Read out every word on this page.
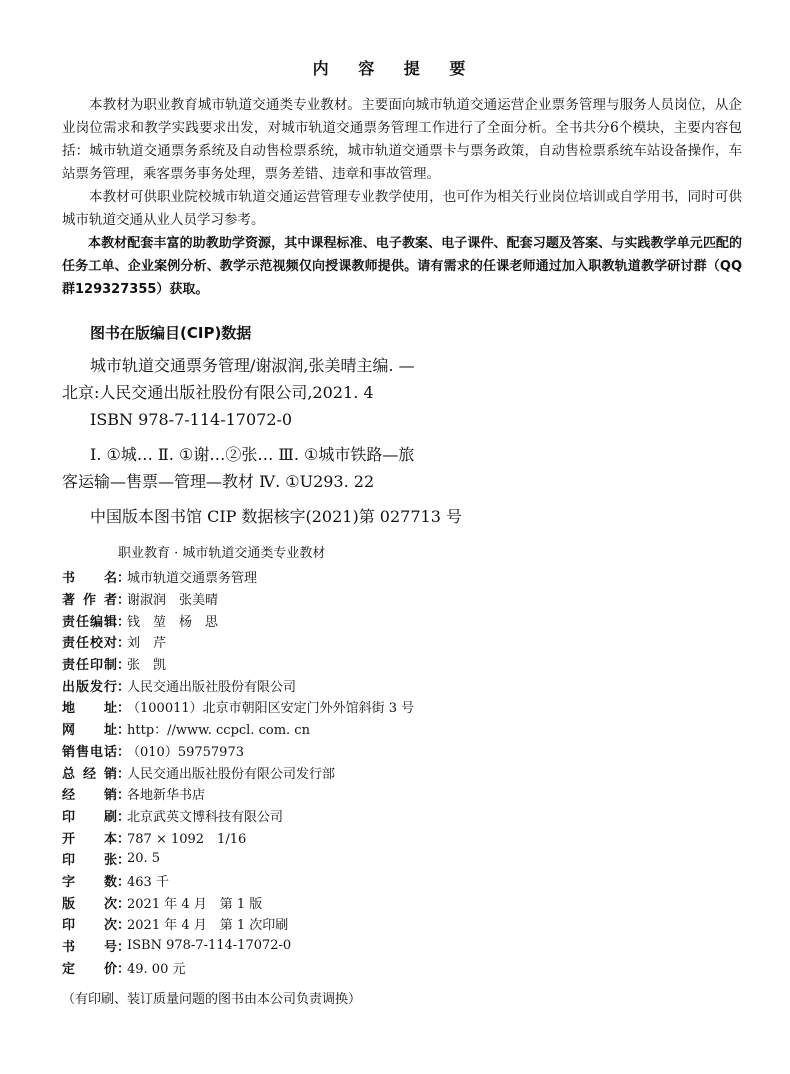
内 容 提 要

本教材为职业教育城市轨道交通类专业教材。主要面向城市轨道交通运营企业票务管理与服务人员岗位，从企业岗位需求和教学实践要求出发，对城市轨道交通票务管理工作进行了全面分析。全书共分6个模块，主要内容包括：城市轨道交通票务系统及自动售检票系统，城市轨道交通票卡与票务政策，自动售检票系统车站设备操作，车站票务管理，乘客票务事务处理，票务差错、违章和事故管理。

本教材可供职业院校城市轨道交通运营管理专业教学使用，也可作为相关行业岗位培训或自学用书，同时可供城市轨道交通从业人员学习参考。

本教材配套丰富的助教助学资源，其中课程标准、电子教案、电子课件、配套习题及答案、与实践教学单元匹配的任务工单、企业案例分析、教学示范视频仅向授课教师提供。请有需求的任课老师通过加入职教轨道教学研讨群（QQ群129327355）获取。

图书在版编目(CIP)数据
城市轨道交通票务管理/谢淑润,张美晴主编. —
北京:人民交通出版社股份有限公司,2021. 4
ISBN 978-7-114-17072-0
Ⅰ. ①城… Ⅱ. ①谢…②张… Ⅲ. ①城市铁路—旅
客运输—售票—管理—教材 Ⅳ. ①U293. 22
中国版本图书馆 CIP 数据核字(2021)第 027713 号
职业教育 · 城市轨道交通类专业教材
书 名 ：
城市轨道交通票务管理
著 作 者 ：
谢淑润　张美晴
责 任 编 辑 ：
钱　堃　杨　思
责 任 校 对 ：
刘　芹
责 任 印 制 ：
张　凯
出 版 发 行 ：
人民交通出版社股份有限公司
地 址 ：
（100011）北京市朝阳区安定门外外馆斜街 3 号
网 址 ：
http：//www. ccpcl. com. cn
销 售 电 话 ：
（010）59757973
总 经 销 ：
人民交通出版社股份有限公司发行部
经 销 ：
各地新华书店
印 刷 ：
北京武英文博科技有限公司
开 本 ：
787 × 1092　1/16
印 张 ：
20. 5
字 数 ：
463 千
版 次 ：
2021 年 4 月　第 1 版
印 次 ：
2021 年 4 月　第 1 次印刷
书 号 ：
ISBN 978-7-114-17072-0
定 价 ：
49. 00 元
（有印刷、装订质量问题的图书由本公司负责调换）
